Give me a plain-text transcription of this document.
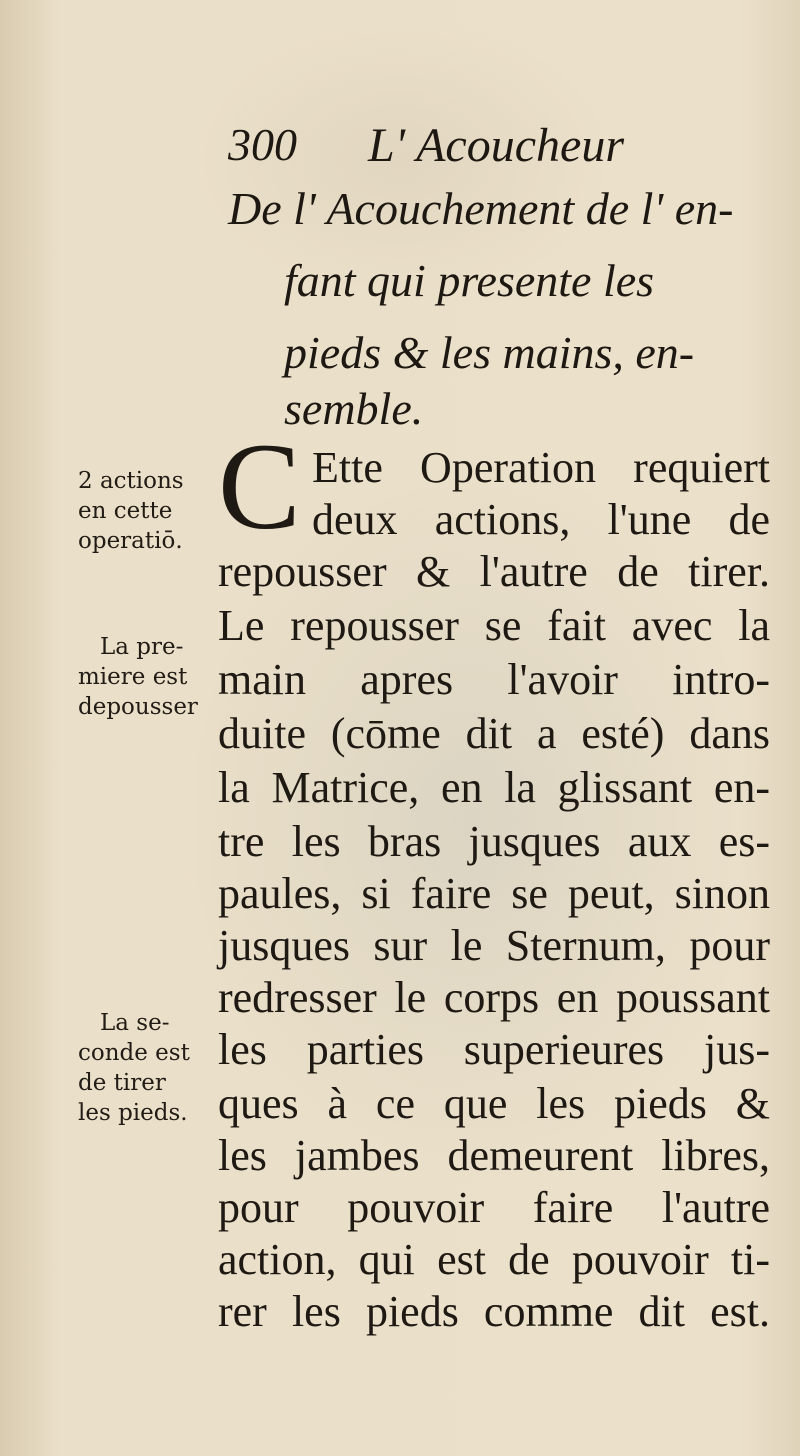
300 L' Acoucheur
De l' Acouchement de l' en-
fant qui presente les
pieds & les mains, en-
semble.
2 actions
en cette
operatiō.
La pre-
miere est
depousser
La se-
conde est
de tirer
les pieds.
C Ette Operation requiert
deux actions, l'une de
repousser & l'autre de tirer.
Le repousser se fait avec la
main apres l'avoir intro-
duite (cōme dit a esté) dans
la Matrice, en la glissant en-
tre les bras jusques aux es-
paules, si faire se peut, sinon
jusques sur le Sternum, pour
redresser le corps en poussant
les parties superieures jus-
ques à ce que les pieds &
les jambes demeurent libres,
pour pouvoir faire l'autre
action, qui est de pouvoir ti-
rer les pieds comme dit est.
